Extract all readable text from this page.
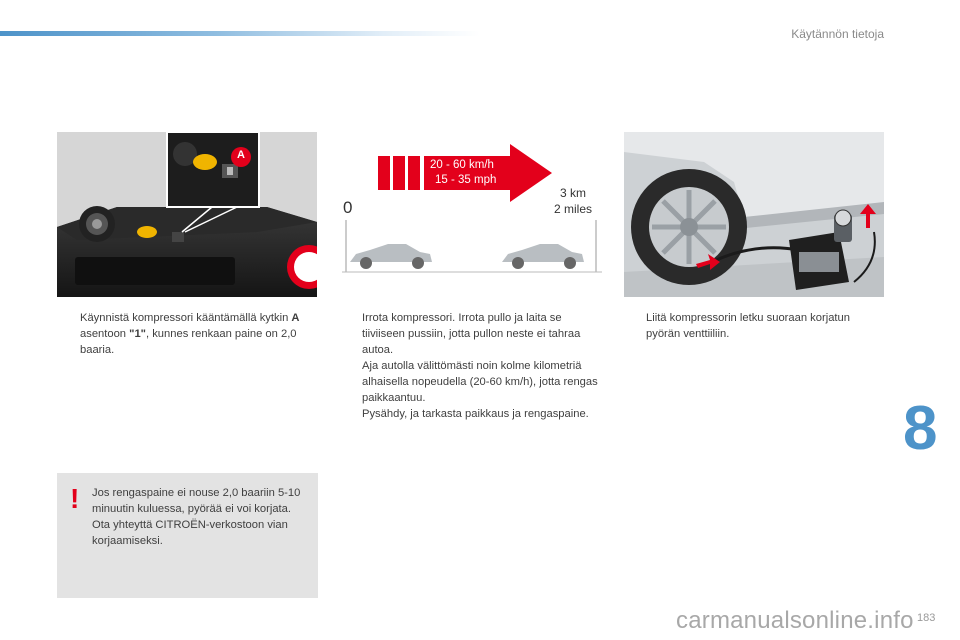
Käytännön tietoja
A
20 - 60 km/h
15 - 35 mph
0
3 km
2 miles

Käynnistä kompressori kääntämällä kytkin A asentoon "1", kunnes renkaan paine on 2,0 baaria.

Irrota kompressori. Irrota pullo ja laita se tiiviiseen pussiin, jotta pullon neste ei tahraa autoa.

Aja autolla välittömästi noin kolme kilometriä alhaisella nopeudella (20-60 km/h), jotta rengas paikkaantuu.

Pysähdy, ja tarkasta paikkaus ja rengaspaine.

Liitä kompressorin letku suoraan korjatun pyörän venttiiliin.

! Jos rengaspaine ei nouse 2,0 baariin 5-10 minuutin kuluessa, pyörää ei voi korjata. Ota yhteyttä CITROËN-verkostoon vian korjaamiseksi.
8
carmanualsonline.info 183
